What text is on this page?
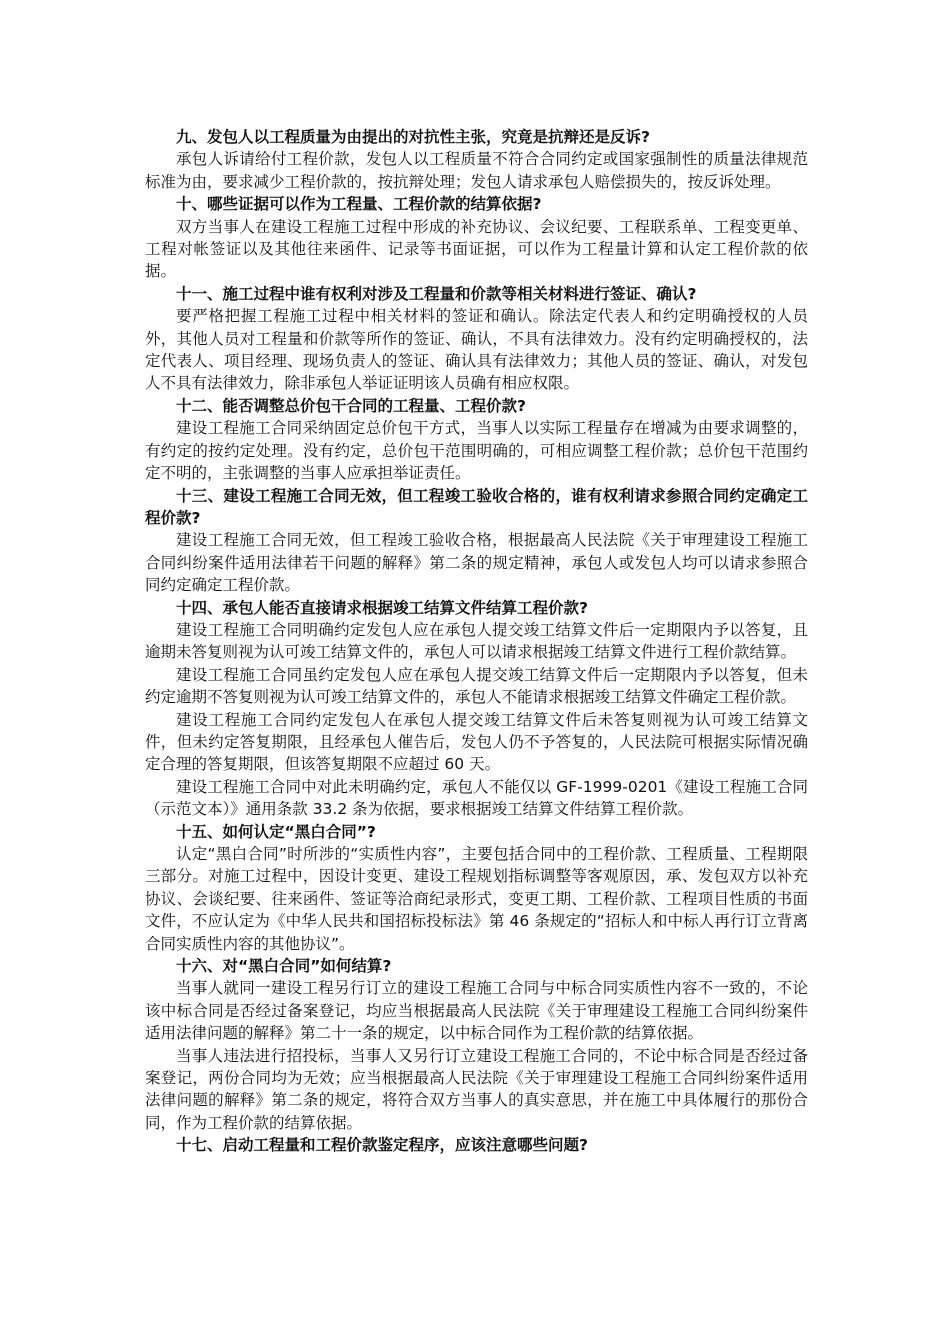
九、发包人以工程质量为由提出的对抗性主张，究竟是抗辩还是反诉?
承包人诉请给付工程价款，发包人以工程质量不符合合同约定或国家强制性的质量法律规范标准为由，要求减少工程价款的，按抗辩处理；发包人请求承包人赔偿损失的，按反诉处理。
十、哪些证据可以作为工程量、工程价款的结算依据?
双方当事人在建设工程施工过程中形成的补充协议、会议纪要、工程联系单、工程变更单、工程对帐签证以及其他往来函件、记录等书面证据，可以作为工程量计算和认定工程价款的依据。
十一、施工过程中谁有权利对涉及工程量和价款等相关材料进行签证、确认?
要严格把握工程施工过程中相关材料的签证和确认。除法定代表人和约定明确授权的人员外，其他人员对工程量和价款等所作的签证、确认，不具有法律效力。没有约定明确授权的，法定代表人、项目经理、现场负责人的签证、确认具有法律效力；其他人员的签证、确认，对发包人不具有法律效力，除非承包人举证证明该人员确有相应权限。
十二、能否调整总价包干合同的工程量、工程价款?
建设工程施工合同采纳固定总价包干方式，当事人以实际工程量存在增减为由要求调整的，有约定的按约定处理。没有约定，总价包干范围明确的，可相应调整工程价款；总价包干范围约定不明的，主张调整的当事人应承担举证责任。
十三、建设工程施工合同无效，但工程竣工验收合格的，谁有权利请求参照合同约定确定工程价款?
建设工程施工合同无效，但工程竣工验收合格，根据最高人民法院《关于审理建设工程施工合同纠纷案件适用法律若干问题的解释》第二条的规定精神，承包人或发包人均可以请求参照合同约定确定工程价款。
十四、承包人能否直接请求根据竣工结算文件结算工程价款?
建设工程施工合同明确约定发包人应在承包人提交竣工结算文件后一定期限内予以答复，且逾期未答复则视为认可竣工结算文件的，承包人可以请求根据竣工结算文件进行工程价款结算。
建设工程施工合同虽约定发包人应在承包人提交竣工结算文件后一定期限内予以答复，但未约定逾期不答复则视为认可竣工结算文件的，承包人不能请求根据竣工结算文件确定工程价款。
建设工程施工合同约定发包人在承包人提交竣工结算文件后未答复则视为认可竣工结算文件，但未约定答复期限，且经承包人催告后，发包人仍不予答复的，人民法院可根据实际情况确定合理的答复期限，但该答复期限不应超过 60 天。
建设工程施工合同中对此未明确约定，承包人不能仅以 GF-1999-0201《建设工程施工合同（示范文本）》通用条款 33.2 条为依据，要求根据竣工结算文件结算工程价款。
十五、如何认定“黑白合同”?
认定“黑白合同”时所涉的“实质性内容”，主要包括合同中的工程价款、工程质量、工程期限三部分。对施工过程中，因设计变更、建设工程规划指标调整等客观原因，承、发包双方以补充协议、会谈纪要、往来函件、签证等洽商纪录形式，变更工期、工程价款、工程项目性质的书面文件，不应认定为《中华人民共和国招标投标法》第 46 条规定的“招标人和中标人再行订立背离合同实质性内容的其他协议”。
十六、对“黑白合同”如何结算?
当事人就同一建设工程另行订立的建设工程施工合同与中标合同实质性内容不一致的，不论该中标合同是否经过备案登记，均应当根据最高人民法院《关于审理建设工程施工合同纠纷案件适用法律问题的解释》第二十一条的规定，以中标合同作为工程价款的结算依据。
当事人违法进行招投标，当事人又另行订立建设工程施工合同的，不论中标合同是否经过备案登记，两份合同均为无效；应当根据最高人民法院《关于审理建设工程施工合同纠纷案件适用法律问题的解释》第二条的规定，将符合双方当事人的真实意思，并在施工中具体履行的那份合同，作为工程价款的结算依据。
十七、启动工程量和工程价款鉴定程序，应该注意哪些问题?
